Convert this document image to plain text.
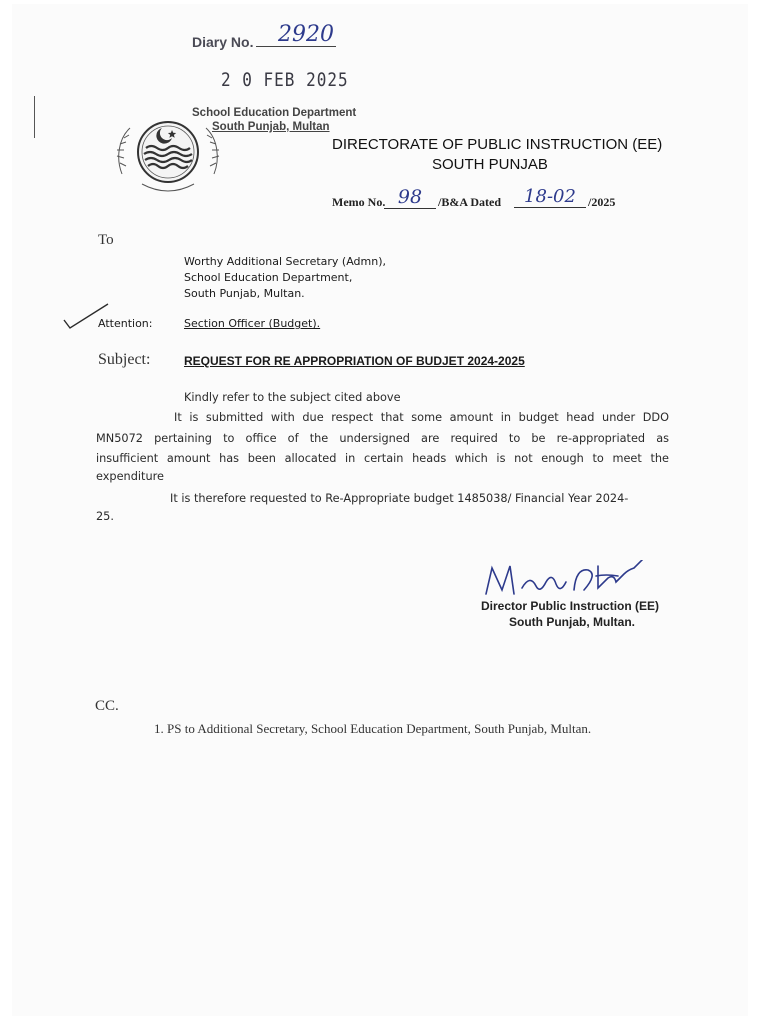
Diary No. 2920
2 0 FEB 2025
School Education Department
South Punjab, Multan
DIRECTORATE OF PUBLIC INSTRUCTION (EE)
SOUTH PUNJAB
Memo No. 98	/B&A Dated	18-02	/2025
To
Worthy Additional Secretary (Admn),
School Education Department,
South Punjab, Multan.
Attention:	Section Officer (Budget).
Subject:	REQUEST FOR RE APPROPRIATION OF BUDJET 2024-2025
Kindly refer to the subject cited above
It is submitted with due respect that some amount in budget head under DDO
MN5072 pertaining to office of the undersigned are required to be re-appropriated as
insufficient amount has been allocated in certain heads which is not enough to meet the
expenditure
It is therefore requested to Re-Appropriate budget 1485038/ Financial Year 2024-
25.
Director Public Instruction (EE)
South Punjab, Multan.
CC.
1. PS to Additional Secretary, School Education Department, South Punjab, Multan.
